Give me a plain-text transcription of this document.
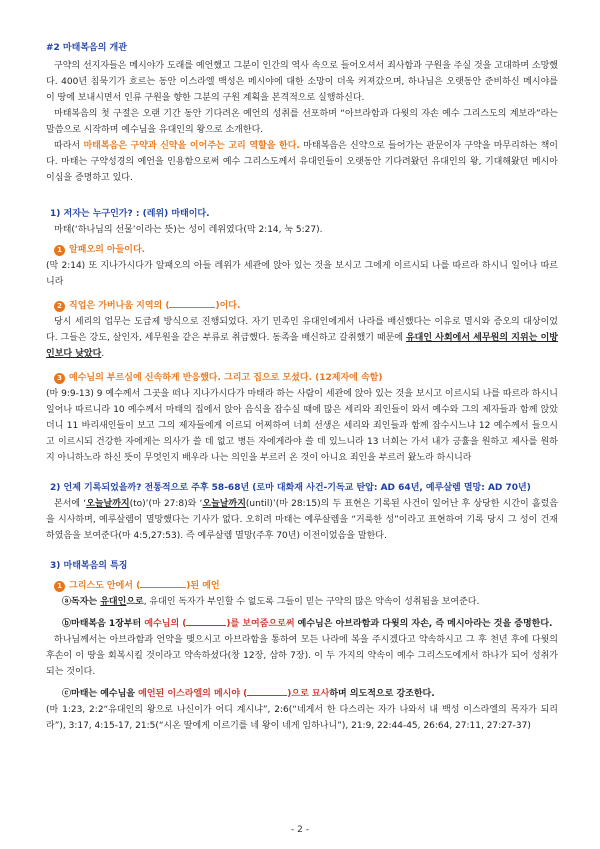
#2 마태복음의 개관

구약의 선지자들은 메시야가 도래를 예언했고 그분이 인간의 역사 속으로 들어오셔서 죄사함과 구원을 주실 것을 고대하며 소망했다. 400년 침묵기가 흐르는 동안 이스라엘 백성은 메시야에 대한 소망이 더욱 커져갔으며, 하나님은 오랫동안 준비하신 메시야를 이 땅에 보내시면서 인류 구원을 향한 그분의 구원 계획을 본격적으로 실행하신다.

마태복음의 첫 구절은 오랜 기간 동안 기다려온 예언의 성취를 선포하며 “아브라함과 다윗의 자손 예수 그리스도의 계보라”라는 말씀으로 시작하며 예수님을 유대인의 왕으로 소개한다.

따라서 마태복음은 구약과 신약을 이어주는 고리 역할을 한다. 마태복음은 신약으로 들어가는 관문이자 구약을 마무리하는 책이다. 마태는 구약성경의 예언을 인용함으로써 예수 그리스도께서 유대인들이 오랫동안 기다려왔던 유대인의 왕, 기대해왔던 메시아이심을 증명하고 있다.

1) 저자는 누구인가? : (레위) 마태이다.

마태(‘하나님의 선물’이라는 뜻)는 성이 레위였다(막 2:14, 눅 5:27).

1 알패오의 아들이다.

(막 2:14) 또 지나가시다가 알패오의 아들 레위가 세관에 앉아 있는 것을 보시고 그에게 이르시되 나를 따르라 하시니 일어나 따르니라

2 직업은 가버나움 지역의 (	)이다.

당시 세리의 업무는 도급제 방식으로 진행되었다. 자기 민족인 유대인에게서 나라를 배신했다는 이유로 멸시와 증오의 대상이었다. 그들은 강도, 살인자, 세무원을 같은 부류로 취급했다. 동족을 배신하고 갈취했기 때문에 유대인 사회에서 세무원의 지위는 이방인보다 낮았다.

3 예수님의 부르심에 신속하게 반응했다. 그리고 집으로 모셨다. (12제자에 속함)

(마 9:9-13) 9 예수께서 그곳을 떠나 지나가시다가 마태라 하는 사람이 세관에 앉아 있는 것을 보시고 이르시되 나를 따르라 하시니 일어나 따르니라 10 예수께서 마태의 집에서 앉아 음식을 잡수실 때에 많은 세리와 죄인들이 와서 예수와 그의 제자들과 함께 앉았더니 11 바리새인들이 보고 그의 제자들에게 이르되 어찌하여 너희 선생은 세리와 죄인들과 함께 잡수시느냐 12 예수께서 들으시고 이르시되 건강한 자에게는 의사가 쓸 데 없고 병든 자에게라야 쓸 데 있느니라 13 너희는 가서 내가 긍휼을 원하고 제사를 원하지 아니하노라 하신 뜻이 무엇인지 배우라 나는 의인을 부르러 온 것이 아니요 죄인을 부르러 왔노라 하시니라

2) 언제 기록되었을까? 전통적으로 주후 58-68년 (로마 대화재 사건-기독교 탄압: AD 64년, 예루살렘 멸망: AD 70년)

본서에 ‘오늘날까지(to)’(마 27:8)와 ‘오늘날까지(until)’(마 28:15)의 두 표현은 기록된 사건이 일어난 후 상당한 시간이 흘렀음을 시사하며, 예루살렘이 멸망했다는 기사가 없다. 오히려 마태는 예루살렘을 “거룩한 성”이라고 표현하여 기록 당시 그 성이 건재하였음을 보여준다(마 4:5,27:53). 즉 예루살렘 멸망(주후 70년) 이전이었음을 말한다.

3) 마태복음의 특징

1 그리스도 안에서 (	)된 예언

ⓐ독자는 유대인으로, 유대인 독자가 부인할 수 없도록 그들이 믿는 구약의 많은 약속이 성취됨을 보여준다.

ⓑ마태복음 1장부터 예수님의 (	)를 보여줌으로써 예수님은 아브라함과 다윗의 자손, 즉 메시아라는 것을 증명한다.

하나님께서는 아브라함과 언약을 맺으시고 아브라함을 통하여 모든 나라에 복을 주시겠다고 약속하시고 그 후 천년 후에 다윗의 후손이 이 땅을 회복시킬 것이라고 약속하셨다(창 12장, 삼하 7장). 이 두 가지의 약속이 예수 그리스도에게서 하나가 되어 성취가 되는 것이다.

ⓒ마태는 예수님을 예언된 이스라엘의 메시야 (	)으로 묘사하며 의도적으로 강조한다.

(마 1:23, 2:2“유대인의 왕으로 나신이가 어디 계시냐”, 2:6(“네게서 한 다스리는 자가 나와서 내 백성 이스라엘의 목자가 되리라”), 3:17, 4:15-17, 21:5(“시온 딸에게 이르기를 네 왕이 네게 임하나니”), 21:9, 22:44-45, 26:64, 27:11, 27:27-37)

- 2 -
